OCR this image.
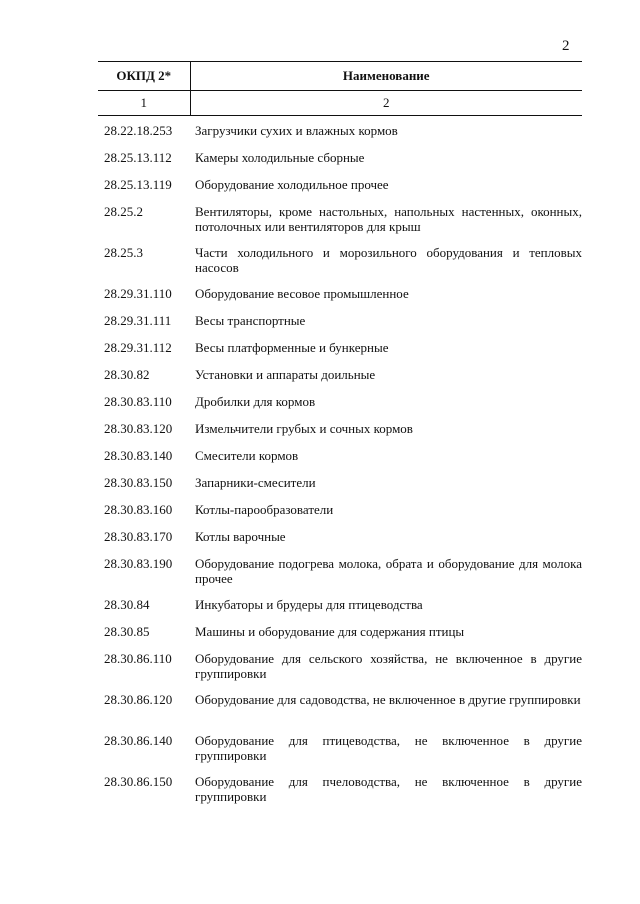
2
ОКПД 2*	Наименование
1	2

28.22.18.253	Загрузчики сухих и влажных кормов
28.25.13.112	Камеры холодильные сборные
28.25.13.119	Оборудование холодильное прочее
28.25.2	Вентиляторы, кроме настольных, напольных настенных, оконных, потолочных или вентиляторов для крыш
28.25.3	Части холодильного и морозильного оборудования и тепловых насосов
28.29.31.110	Оборудование весовое промышленное
28.29.31.111	Весы транспортные
28.29.31.112	Весы платформенные и бункерные
28.30.82	Установки и аппараты доильные
28.30.83.110	Дробилки для кормов
28.30.83.120	Измельчители грубых и сочных кормов
28.30.83.140	Смесители кормов
28.30.83.150	Запарники-смесители
28.30.83.160	Котлы-парообразователи
28.30.83.170	Котлы варочные
28.30.83.190	Оборудование подогрева молока, обрата и оборудование для молока прочее
28.30.84	Инкубаторы и брудеры для птицеводства
28.30.85	Машины и оборудование для содержания птицы
28.30.86.110	Оборудование для сельского хозяйства, не включенное в другие группировки
28.30.86.120	Оборудование для садоводства, не включенное в другие группировки
28.30.86.140	Оборудование для птицеводства, не включенное в другие группировки
28.30.86.150	Оборудование для пчеловодства, не включенное в другие группировки
